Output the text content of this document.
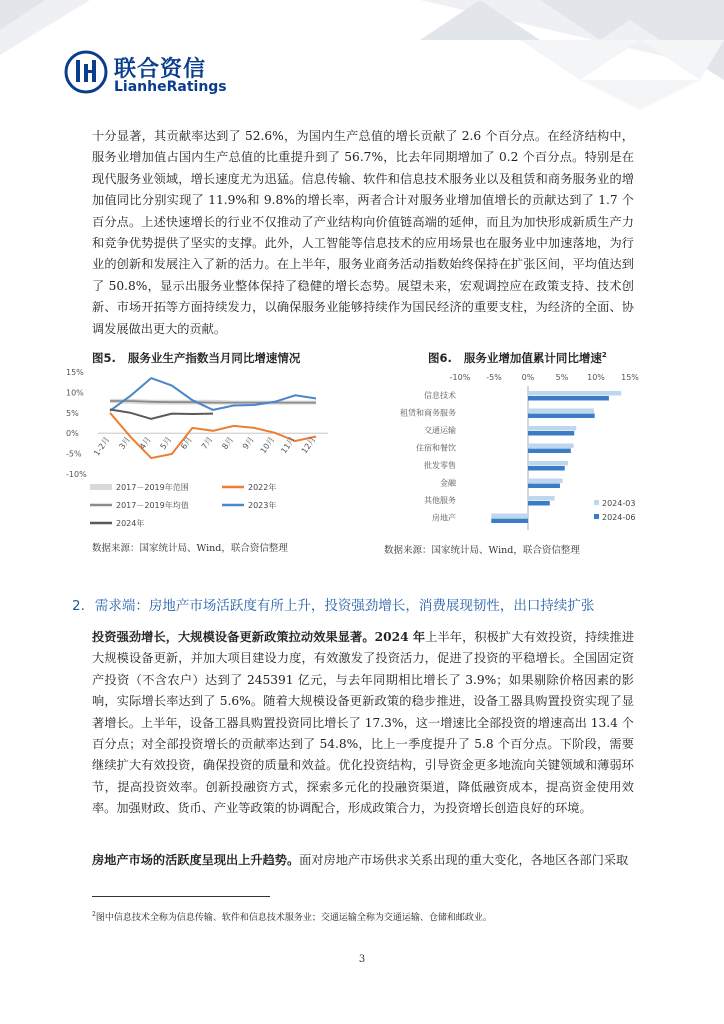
联合资信
LianheRatings

十分显著，其贡献率达到了 52.6%，为国内生产总值的增长贡献了 2.6 个百分点。在经济结构中，服务业增加值占国内生产总值的比重提升到了 56.7%，比去年同期增加了 0.2 个百分点。特别是在现代服务业领域，增长速度尤为迅猛。信息传输、软件和信息技术服务业以及租赁和商务服务业的增加值同比分别实现了 11.9%和 9.8%的增长率，两者合计对服务业增加值增长的贡献达到了 1.7 个百分点。上述快速增长的行业不仅推动了产业结构向价值链高端的延伸，而且为加快形成新质生产力和竞争优势提供了坚实的支撑。此外，人工智能等信息技术的应用场景也在服务业中加速落地，为行业的创新和发展注入了新的活力。在上半年，服务业商务活动指数始终保持在扩张区间，平均值达到了 50.8%，显示出服务业整体保持了稳健的增长态势。展望未来，宏观调控应在政策支持、技术创新、市场开拓等方面持续发力，以确保服务业能够持续作为国民经济的重要支柱，为经济的全面、协调发展做出更大的贡献。

图5. 服务业生产指数当月同比增速情况
15%
10%
5%
0%
-5%
-10%
1-2月 3月 4月 5月 6月 7月 8月 9月 10月 11月 12月
2017－2019年范围	2022年
2017－2019年均值	2023年
2024年
数据来源：国家统计局、Wind，联合资信整理
图6. 服务业增加值累计同比增速$^2$
-10% -5% 0%	5% 10% 15%
信息技术
租赁和商务服务
交通运输
住宿和餐饮
批发零售
金融
其他服务
房地产
2024-03
2024-06
数据来源：国家统计局、Wind，联合资信整理
2. 需求端：房地产市场活跃度有所上升，投资强劲增长，消费展现韧性，出口持续扩张

投资强劲增长，大规模设备更新政策拉动效果显著。2024 年上半年，积极扩大有效投资，持续推进大规模设备更新，并加大项目建设力度，有效激发了投资活力，促进了投资的平稳增长。全国固定资产投资（不含农户）达到了 245391 亿元，与去年同期相比增长了 3.9%；如果剔除价格因素的影响，实际增长率达到了 5.6%。随着大规模设备更新政策的稳步推进，设备工器具购置投资实现了显著增长。上半年，设备工器具购置投资同比增长了 17.3%，这一增速比全部投资的增速高出 13.4 个百分点；对全部投资增长的贡献率达到了 54.8%，比上一季度提升了 5.8 个百分点。下阶段，需要继续扩大有效投资，确保投资的质量和效益。优化投资结构，引导资金更多地流向关键领域和薄弱环节，提高投资效率。创新投融资方式，探索多元化的投融资渠道，降低融资成本，提高资金使用效率。加强财政、货币、产业等政策的协调配合，形成政策合力，为投资增长创造良好的环境。

房地产市场的活跃度呈现出上升趋势。面对房地产市场供求关系出现的重大变化，各地区各部门采取

$^2$图中信息技术全称为信息传输、软件和信息技术服务业；交通运输全称为交通运输、仓储和邮政业。
3
